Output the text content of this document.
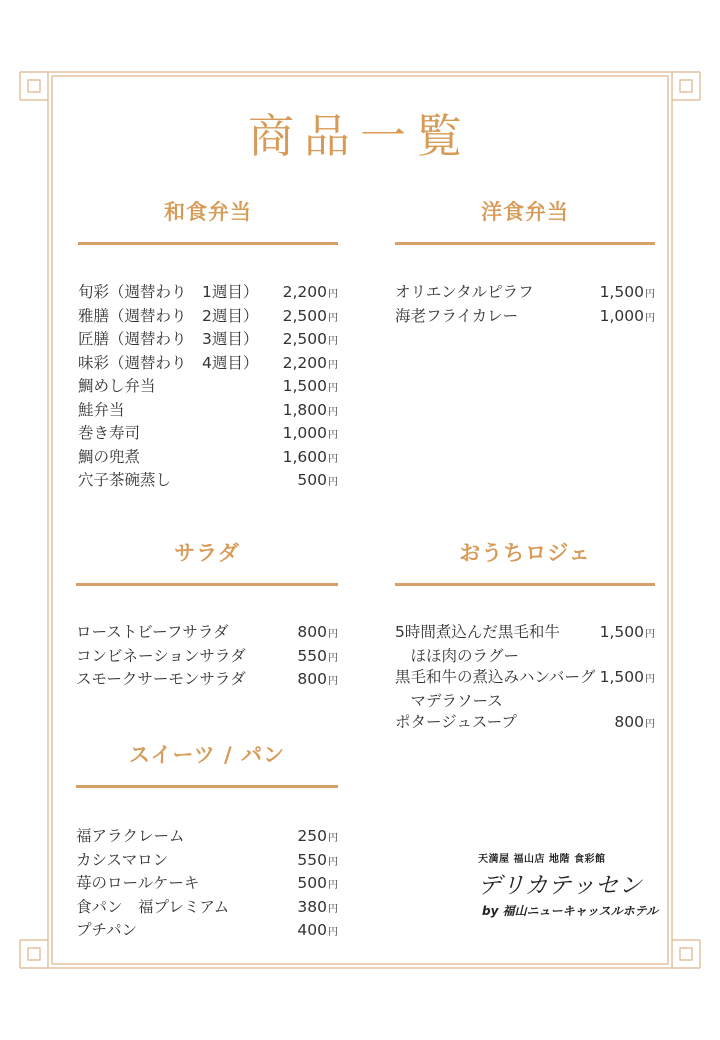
商品一覧
和食弁当
旬彩（週替わり　1週目） 2,200円
雅膳（週替わり　2週目） 2,500円
匠膳（週替わり　3週目） 2,500円
味彩（週替わり　4週目） 2,200円
鯛めし弁当	1,500円
鮭弁当	1,800円
巻き寿司	1,000円
鯛の兜煮	1,600円
穴子茶碗蒸し	500円
洋食弁当
オリエンタルピラフ	1,500円
海老フライカレー	1,000円
サラダ
ローストビーフサラダ	800円
コンビネーションサラダ	550円
スモークサーモンサラダ	800円
おうちロジェ
5時間煮込んだ黒毛和牛	1,500円
　ほほ肉のラグー
黒毛和牛の煮込みハンバーグ 1,500円
　マデラソース
ポタージュスープ	800円
スイーツ / パン
福アラクレーム	250円
カシスマロン	550円
苺のロールケーキ	500円
食パン　福プレミアム	380円
プチパン	400円
天満屋 福山店 地階 食彩館
デリカテッセン
by 福山ニューキャッスルホテル
